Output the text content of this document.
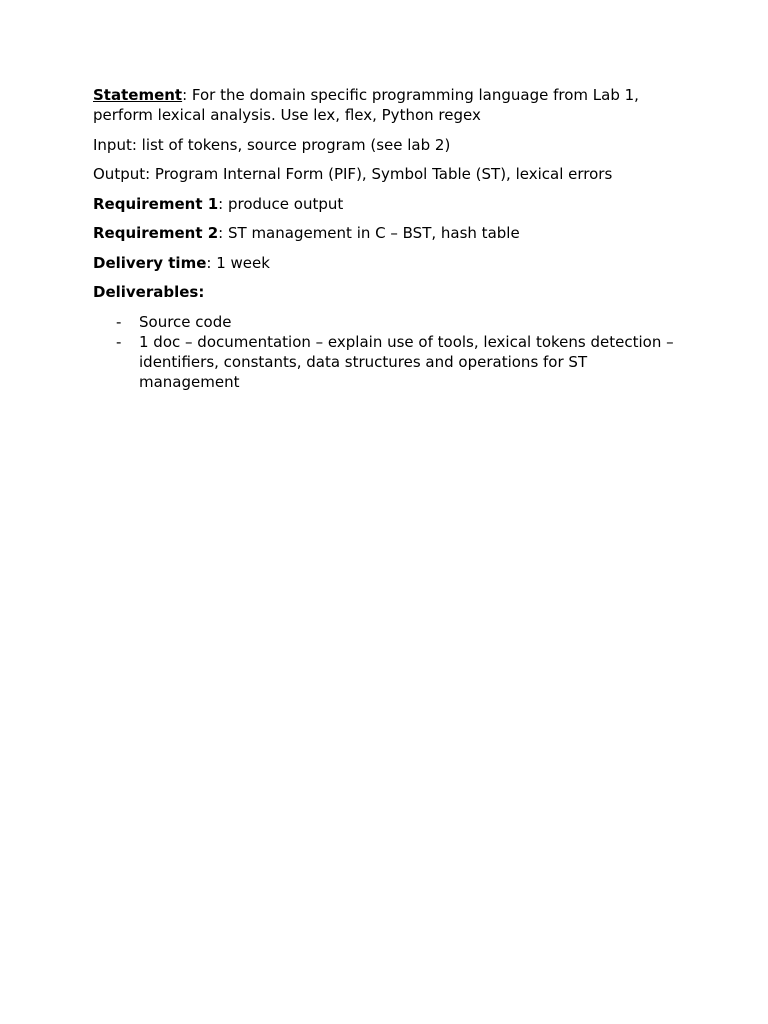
Statement: For the domain specific programming language from Lab 1, perform lexical analysis. Use lex, flex, Python regex

Input: list of tokens, source program (see lab 2)

Output: Program Internal Form (PIF), Symbol Table (ST), lexical errors

Requirement 1: produce output

Requirement 2: ST management in C – BST, hash table

Delivery time: 1 week

Deliverables:

- Source code
- 1 doc – documentation – explain use of tools, lexical tokens detection – identifiers, constants, data structures and operations for ST management
